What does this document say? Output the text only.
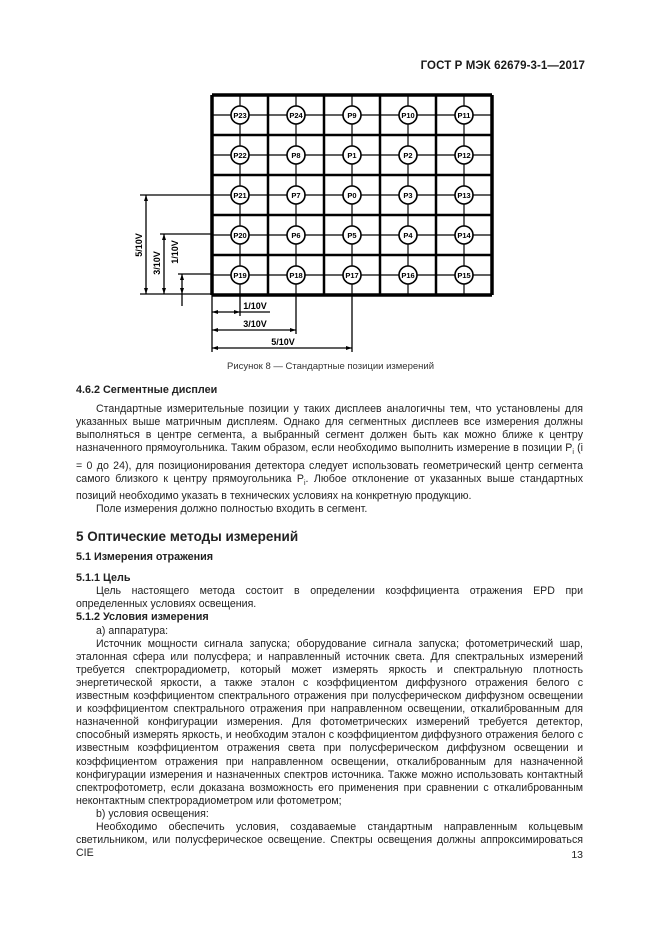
ГОСТ Р МЭК 62679-3-1—2017
P23	P24	P9	P10	P11
P22	P8	P1	P2	P12
P21	P7	P0	P3	P13
P20	P6	P5	P4	P14
P19	P18	P17	P16	P15
5/10V
3/10V 1/10V
1/10V
3/10V
5/10V
Рисунок 8 — Стандартные позиции измерений

4.6.2 Сегментные дисплеи

Стандартные измерительные позиции у таких дисплеев аналогичны тем, что установлены для указанных выше матричным дисплеям. Однако для сегментных дисплеев все измерения должны выполняться в центре сегмента, а выбранный сегмент должен быть как можно ближе к центру назначенного прямоугольника. Таким образом, если необходимо выполнить измерение в позиции $P_i$ (i = 0 до 24), для позиционирования детектора следует использовать геометрический центр сегмента самого близкого к центру прямоугольника $P_i$. Любое отклонение от указанных выше стандартных позиций необходимо указать в технических условиях на конкретную продукцию.

Поле измерения должно полностью входить в сегмент.

5 Оптические методы измерений

5.1 Измерения отражения

5.1.1 Цель

Цель настоящего метода состоит в определении коэффициента отражения EPD при определенных условиях освещения.

5.1.2 Условия измерения

а) аппаратура:

Источник мощности сигнала запуска; оборудование сигнала запуска; фотометрический шар, эталонная сфера или полусфера; и направленный источник света. Для спектральных измерений требуется спектрорадиометр, который может измерять яркость и спектральную плотность энергетической яркости, а также эталон с коэффициентом диффузного отражения белого с известным коэффициентом спектрального отражения при полусферическом диффузном освещении и коэффициентом спектрального отражения при направленном освещении, откалиброванным для назначенной конфигурации измерения. Для фотометрических измерений требуется детектор, способный измерять яркость, и необходим эталон с коэффициентом диффузного отражения белого с известным коэффициентом отражения света при полусферическом диффузном освещении и коэффициентом отражения при направленном освещении, откалиброванным для назначенной конфигурации измерения и назначенных спектров источника. Также можно использовать контактный спектрофотометр, если доказана возможность его применения при сравнении с откалиброванным неконтактным спектрорадиометром или фотометром;

b) условия освещения:

Необходимо обеспечить условия, создаваемые стандартным направленным кольцевым светильником, или полусферическое освещение. Спектры освещения должны аппроксимироваться CIE	13
